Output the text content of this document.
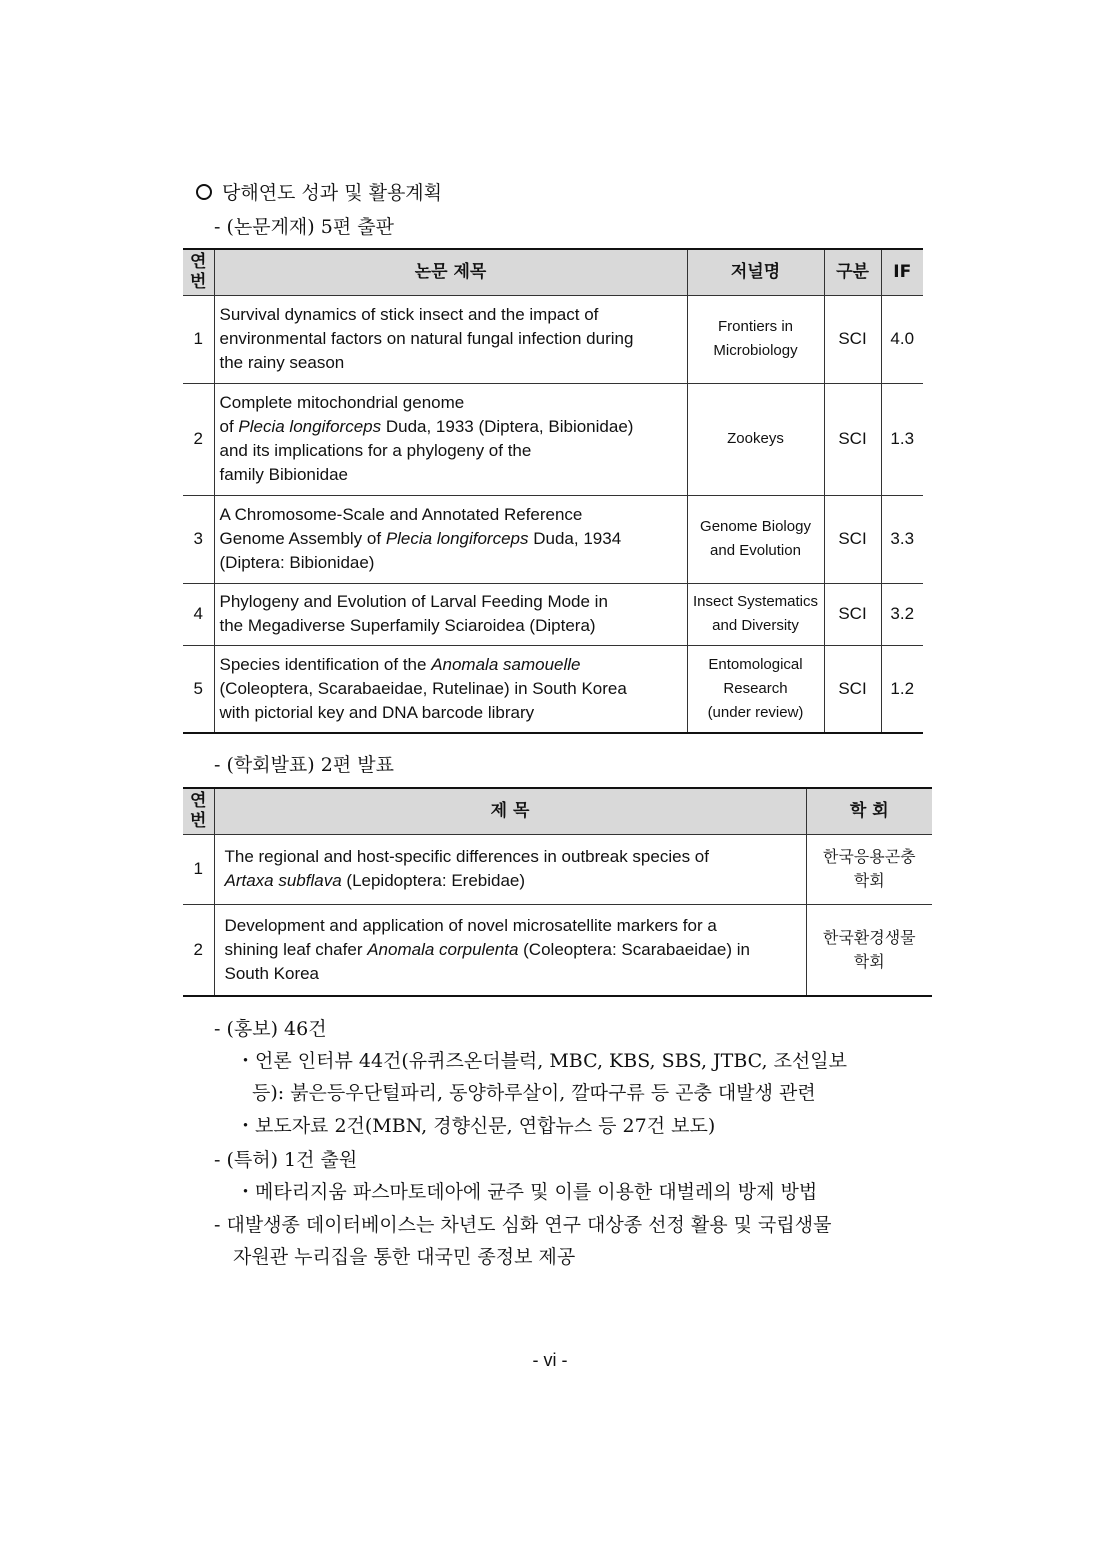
당해연도 성과 및 활용계획
- (논문게재) 5편 출판
연
번	논문 제목	저널명	구분	IF
1	Survival dynamics of stick insect and the impact of
environmental factors on natural fungal infection during
the rainy season	Frontiers in
Microbiology	SCI	4.0
2	Complete mitochondrial genome
of Plecia longiforceps Duda, 1933 (Diptera, Bibionidae)
and its implications for a phylogeny of the
family Bibionidae	Zookeys	SCI	1.3
3	A Chromosome-Scale and Annotated Reference
Genome Assembly of Plecia longiforceps Duda, 1934
(Diptera: Bibionidae)	Genome Biology
and Evolution	SCI	3.3
4	Phylogeny and Evolution of Larval Feeding Mode in
the Megadiverse Superfamily Sciaroidea (Diptera)	Insect Systematics
and Diversity	SCI	3.2
5	Species identification of the Anomala samouelle
(Coleoptera, Scarabaeidae, Rutelinae) in South Korea
with pictorial key and DNA barcode library	Entomological
Research
(under review)	SCI	1.2
- (학회발표) 2편 발표
연
번	제 목	학 회
1	The regional and host-specific differences in outbreak species of
Artaxa subflava (Lepidoptera: Erebidae)	한국응용곤충
학회
2	Development and application of novel microsatellite markers for a
shining leaf chafer Anomala corpulenta (Coleoptera: Scarabaeidae) in
South Korea	한국환경생물
학회
- (홍보) 46건
・언론 인터뷰 44건(유퀴즈온더블럭, MBC, KBS, SBS, JTBC, 조선일보
등): 붉은등우단털파리, 동양하루살이, 깔따구류 등 곤충 대발생 관련
・보도자료 2건(MBN, 경향신문, 연합뉴스 등 27건 보도)
- (특허) 1건 출원
・메타리지움 파스마토데아에 균주 및 이를 이용한 대벌레의 방제 방법
- 대발생종 데이터베이스는 차년도 심화 연구 대상종 선정 활용 및 국립생물
자원관 누리집을 통한 대국민 종정보 제공
- vi -
